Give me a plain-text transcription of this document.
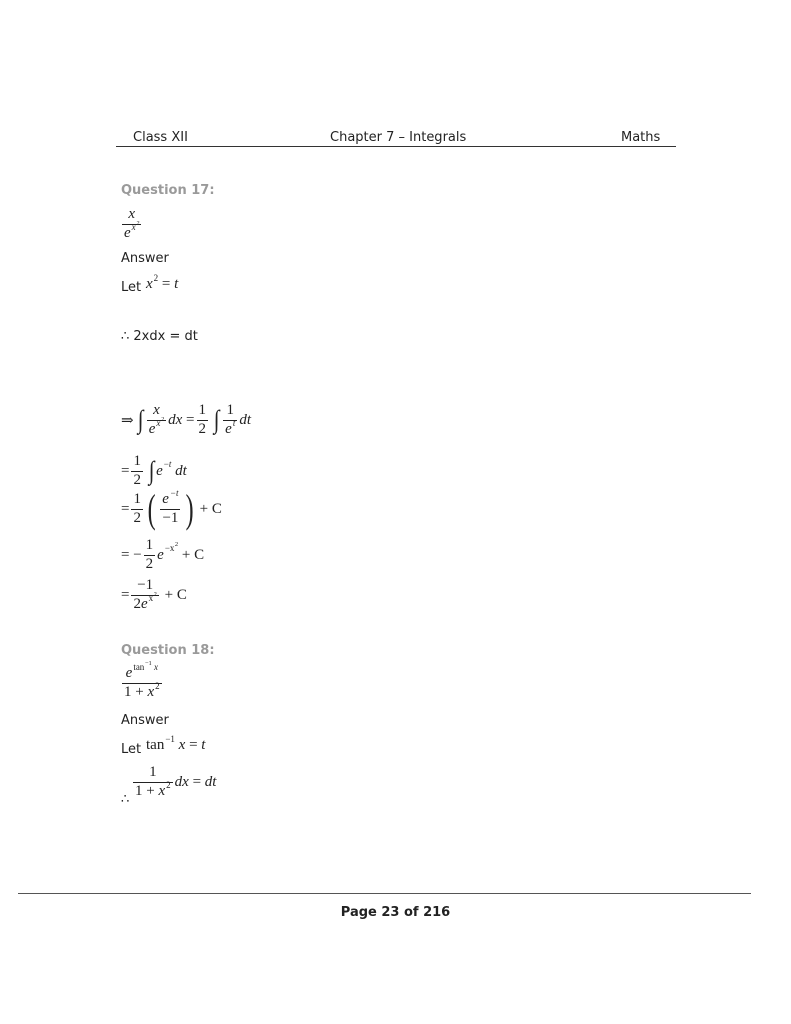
Class XII	Chapter 7 – Integrals	Maths
Question 17:
$\frac{x}{e^{x^2}}$
Answer
Let x 2 = t
∴ 2xdx = dt
⇒ ∫ $\frac{x}{e^{x^2}}$ dx = $\frac{1}{2}$ ∫ $\frac{1}{e^t}$ dt
= $\frac{1}{2}$ ∫ e −t dt
= $\frac{1}{2}$ ( $\frac{e^{-t}}{-1}$ ) + C
= − $\frac{1}{2}$ $e -x^2$
+ C
= $\frac{-1}{2e^{x^2}} + C$
Question 18:
$\frac{e^{tan^{-1} x}}{1 + x^2}$
Answer
Let tan −1
x = t
∴ $\frac{1}{1 + x^2}$ dx = dt
Page 23 of 216
